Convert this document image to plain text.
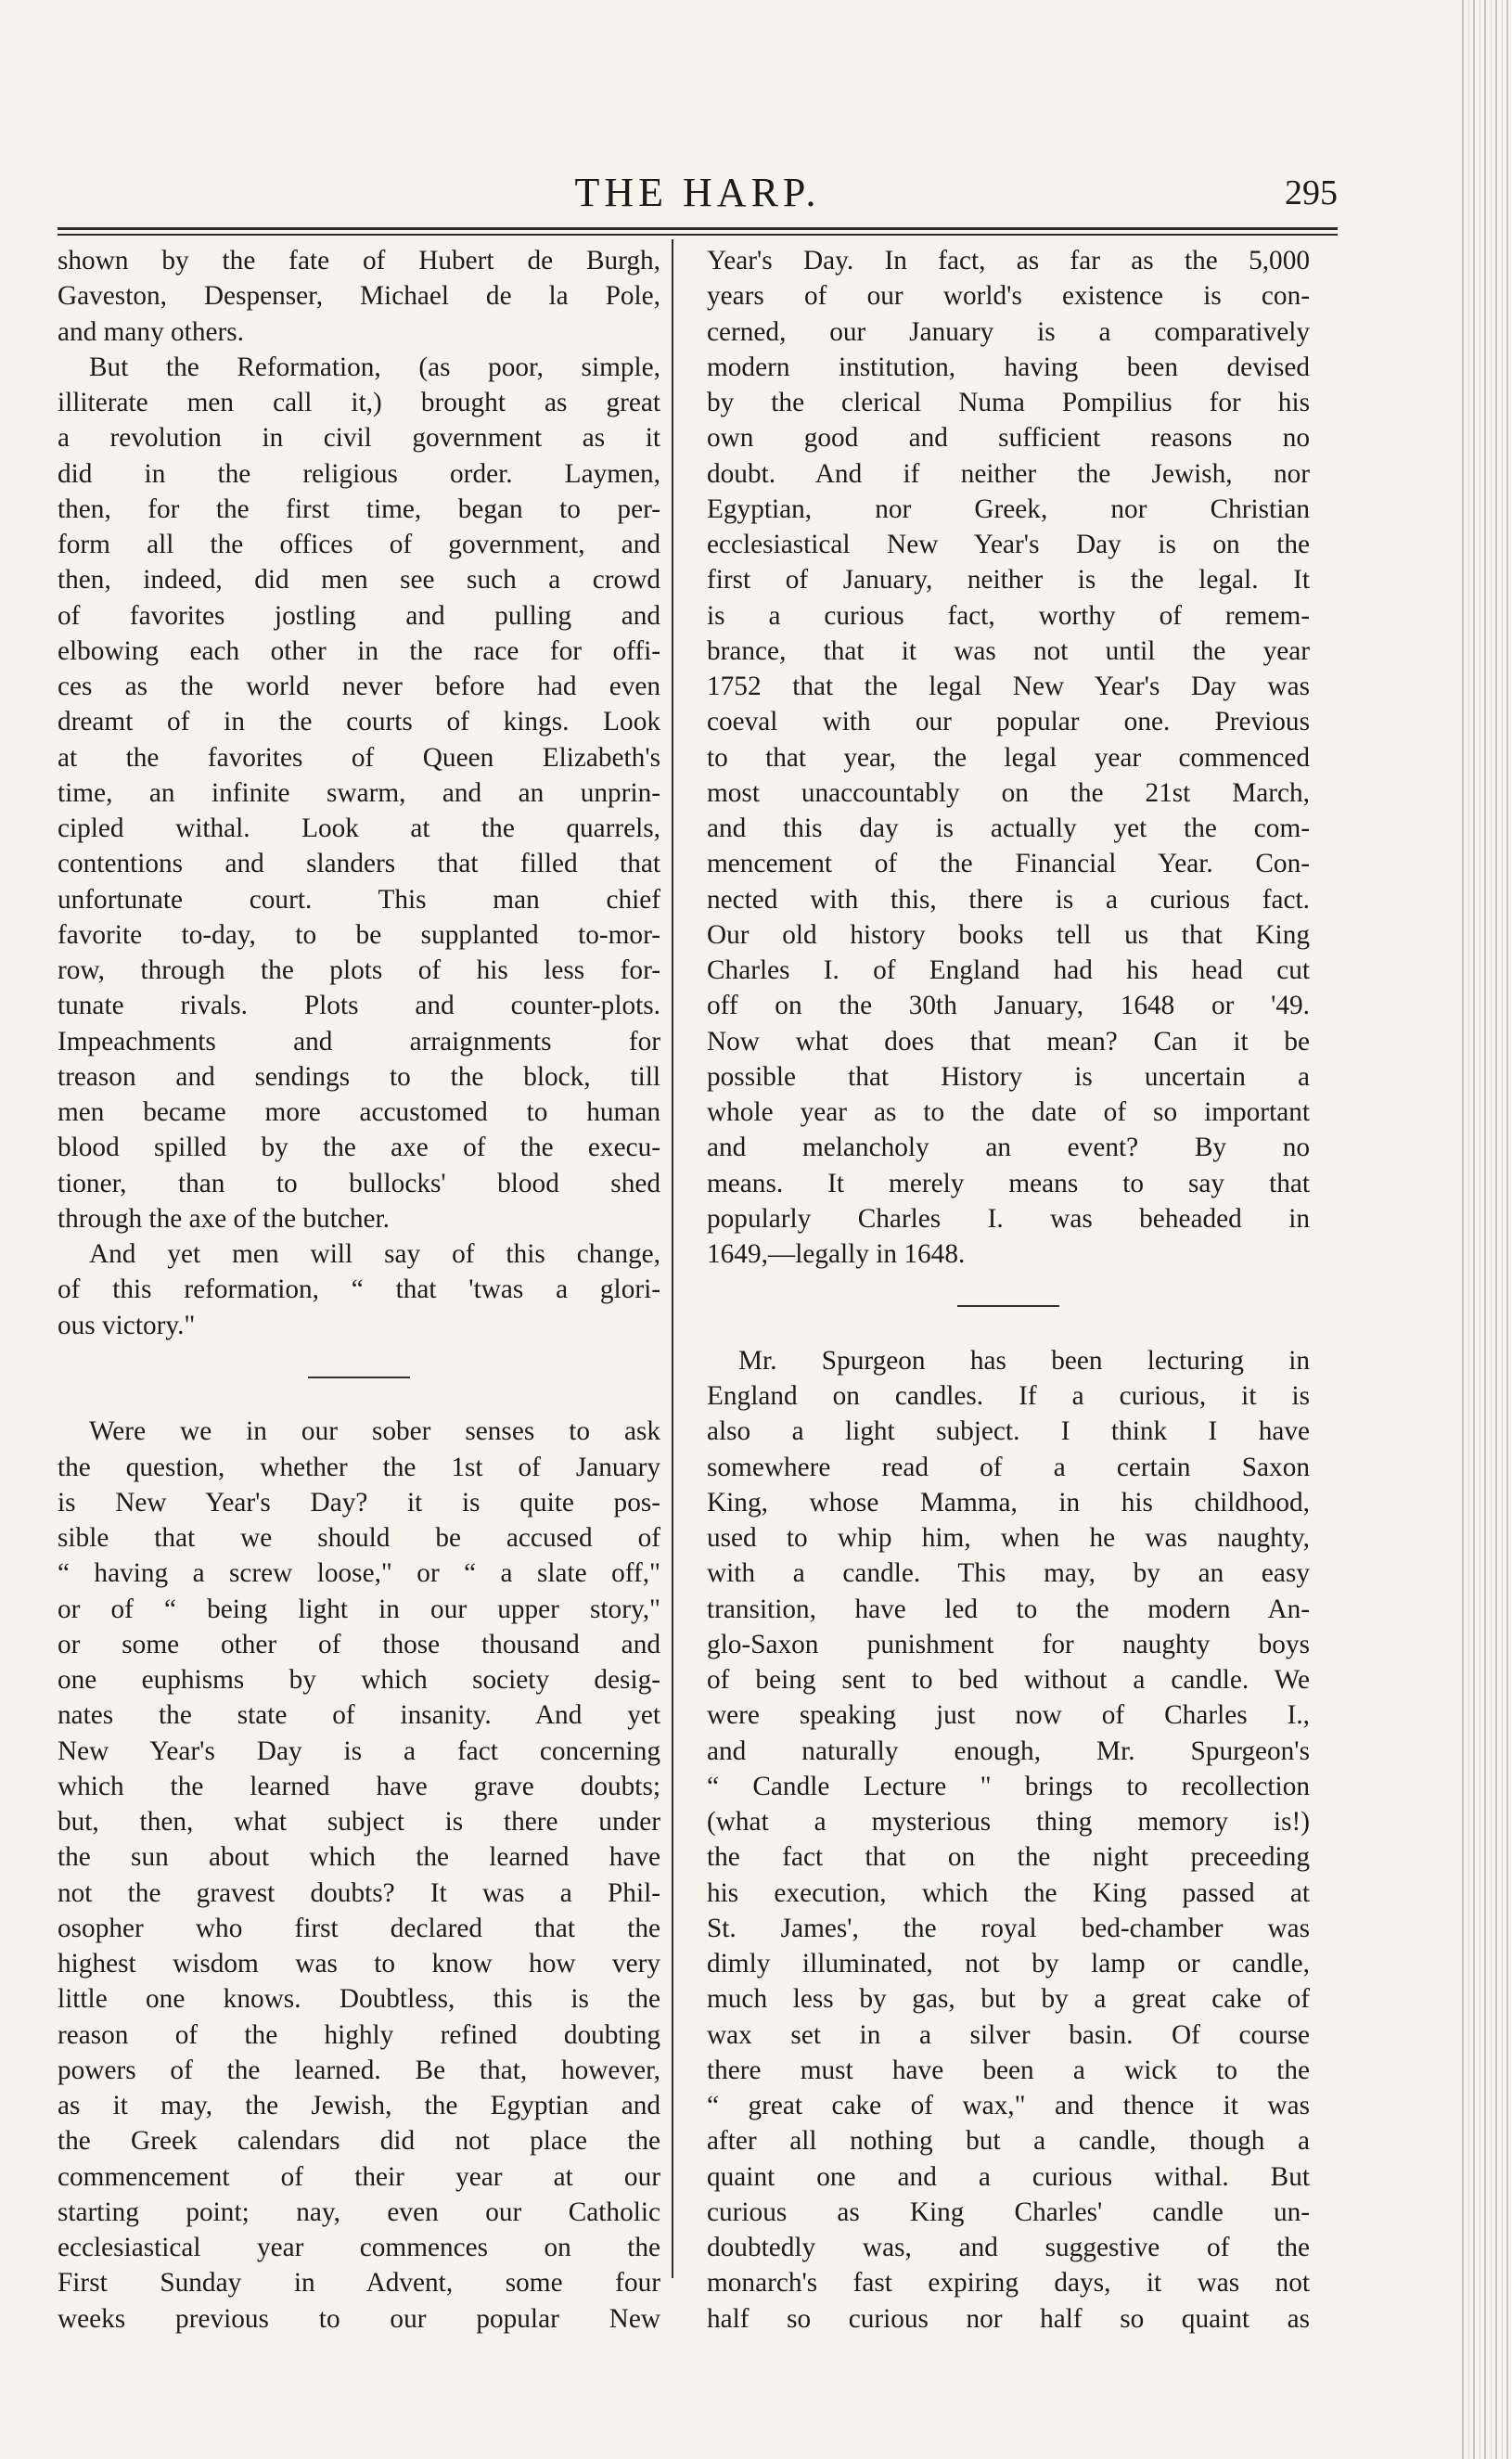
THE HARP.	295
shown by the fate of Hubert de Burgh,
Gaveston, Despenser, Michael de la Pole,
and many others.
But the Reformation, (as poor, simple,
illiterate men call it,) brought as great
a revolution in civil government as it
did in the religious order. Laymen,
then, for the first time, began to per-
form all the offices of government, and
then, indeed, did men see such a crowd
of favorites jostling and pulling and
elbowing each other in the race for offi-
ces as the world never before had even
dreamt of in the courts of kings. Look
at the favorites of Queen Elizabeth's
time, an infinite swarm, and an unprin-
cipled withal. Look at the quarrels,
contentions and slanders that filled that
unfortunate court. This man chief
favorite to-day, to be supplanted to-mor-
row, through the plots of his less for-
tunate rivals. Plots and counter-plots.
Impeachments and arraignments for
treason and sendings to the block, till
men became more accustomed to human
blood spilled by the axe of the execu-
tioner, than to bullocks' blood shed
through the axe of the butcher.
And yet men will say of this change,
of this reformation, “ that 'twas a glori-
ous victory."
Were we in our sober senses to ask
the question, whether the 1st of January
is New Year's Day? it is quite pos-
sible that we should be accused of
“ having a screw loose," or “ a slate off,"
or of “ being light in our upper story,"
or some other of those thousand and
one euphisms by which society desig-
nates the state of insanity. And yet
New Year's Day is a fact concerning
which the learned have grave doubts;
but, then, what subject is there under
the sun about which the learned have
not the gravest doubts? It was a Phil-
osopher who first declared that the
highest wisdom was to know how very
little one knows. Doubtless, this is the
reason of the highly refined doubting
powers of the learned. Be that, however,
as it may, the Jewish, the Egyptian and
the Greek calendars did not place the
commencement of their year at our
starting point; nay, even our Catholic
ecclesiastical year commences on the
First Sunday in Advent, some four
weeks previous to our popular New
Year's Day. In fact, as far as the 5,000
years of our world's existence is con-
cerned, our January is a comparatively
modern institution, having been devised
by the clerical Numa Pompilius for his
own good and sufficient reasons no
doubt. And if neither the Jewish, nor
Egyptian, nor Greek, nor Christian
ecclesiastical New Year's Day is on the
first of January, neither is the legal. It
is a curious fact, worthy of remem-
brance, that it was not until the year
1752 that the legal New Year's Day was
coeval with our popular one. Previous
to that year, the legal year commenced
most unaccountably on the 21st March,
and this day is actually yet the com-
mencement of the Financial Year. Con-
nected with this, there is a curious fact.
Our old history books tell us that King
Charles I. of England had his head cut
off on the 30th January, 1648 or '49.
Now what does that mean? Can it be
possible that History is uncertain a
whole year as to the date of so important
and melancholy an event? By no
means. It merely means to say that
popularly Charles I. was beheaded in
1649,—legally in 1648.
Mr. Spurgeon has been lecturing in
England on candles. If a curious, it is
also a light subject. I think I have
somewhere read of a certain Saxon
King, whose Mamma, in his childhood,
used to whip him, when he was naughty,
with a candle. This may, by an easy
transition, have led to the modern An-
glo-Saxon punishment for naughty boys
of being sent to bed without a candle. We
were speaking just now of Charles I.,
and naturally enough, Mr. Spurgeon's
“ Candle Lecture " brings to recollection
(what a mysterious thing memory is!)
the fact that on the night preceeding
his execution, which the King passed at
St. James', the royal bed-chamber was
dimly illuminated, not by lamp or candle,
much less by gas, but by a great cake of
wax set in a silver basin. Of course
there must have been a wick to the
“ great cake of wax," and thence it was
after all nothing but a candle, though a
quaint one and a curious withal. But
curious as King Charles' candle un-
doubtedly was, and suggestive of the
monarch's fast expiring days, it was not
half so curious nor half so quaint as
